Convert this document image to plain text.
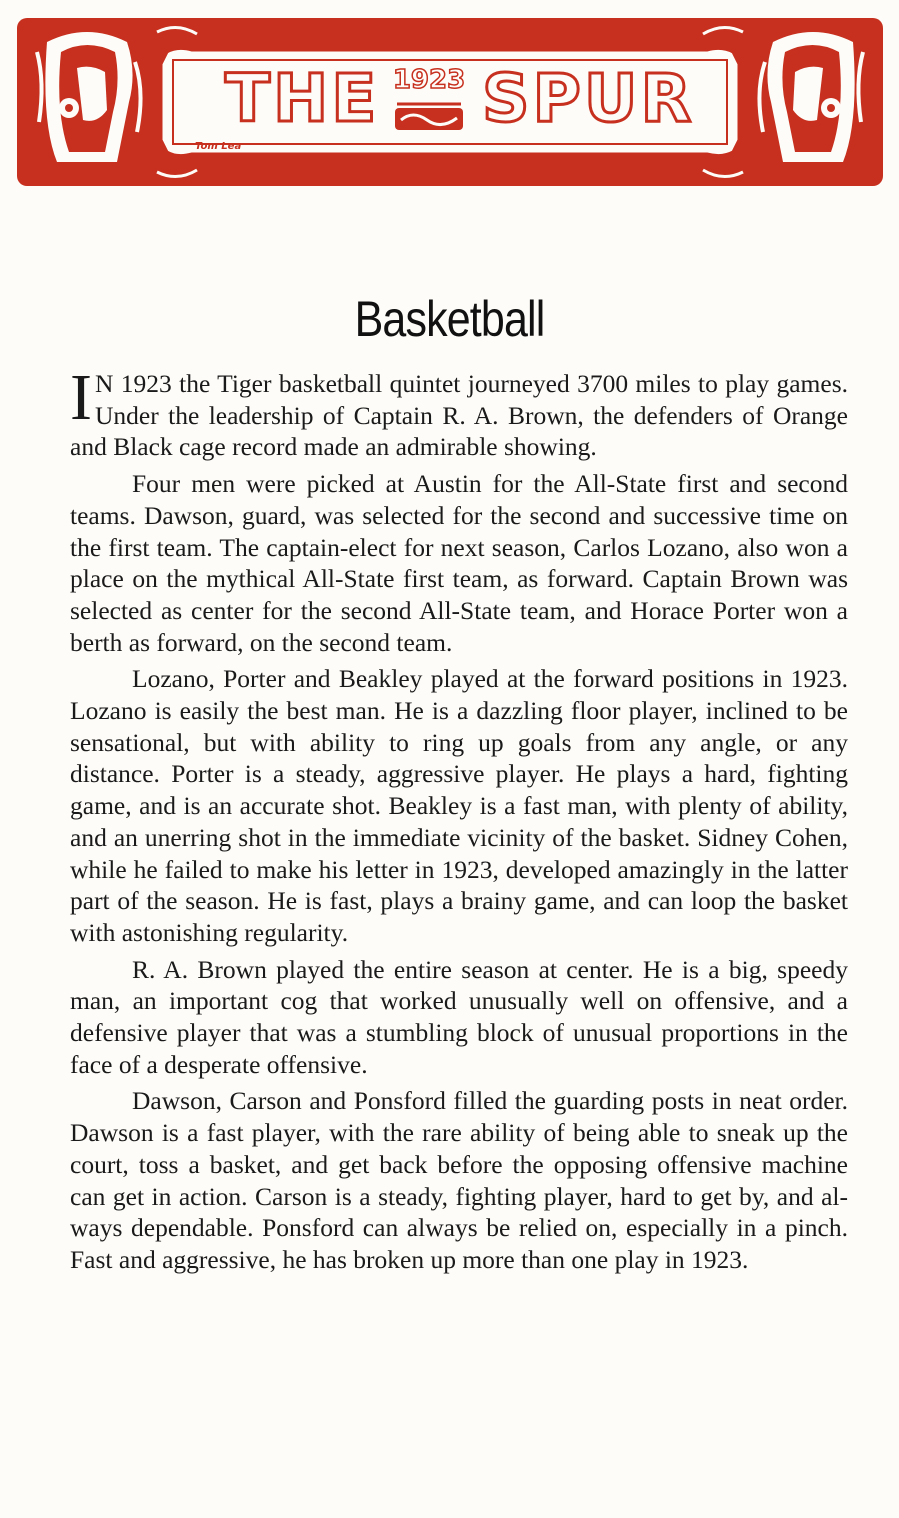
THE 1923 SPUR
Tom Lea
Basketball

I N 1923 the Tiger basketball quintet journeyed 3700 miles to play games. Under the leadership of Captain R. A. Brown, the defenders of Orange and Black cage record made an admirable showing.

Four men were picked at Austin for the All-State first and second teams. Dawson, guard, was selected for the second and successive time on the first team. The captain-elect for next season, Carlos Lozano, also won a place on the mythical All-State first team, as forward. Captain Brown was selected as center for the second All-State team, and Horace Porter won a berth as forward, on the second team.

Lozano, Porter and Beakley played at the forward positions in 1923. Lozano is easily the best man. He is a dazzling floor player, inclined to be sensational, but with ability to ring up goals from any angle, or any distance. Porter is a steady, aggressive player. He plays a hard, fighting game, and is an accurate shot. Beakley is a fast man, with plenty of ability, and an unerring shot in the immediate vicinity of the basket. Sidney Cohen, while he failed to make his letter in 1923, developed amazingly in the latter part of the season. He is fast, plays a brainy game, and can loop the basket with astonishing regularity.

R. A. Brown played the entire season at center. He is a big, speedy man, an important cog that worked unusually well on offensive, and a defensive player that was a stumbling block of unusual proportions in the face of a desperate offensive.

Dawson, Carson and Ponsford filled the guarding posts in neat order. Dawson is a fast player, with the rare ability of being able to sneak up the court, toss a basket, and get back before the opposing offensive machine can get in action. Carson is a steady, fighting player, hard to get by, and always dependable. Ponsford can always be relied on, especially in a pinch. Fast and aggressive, he has broken up more than one play in 1923.
